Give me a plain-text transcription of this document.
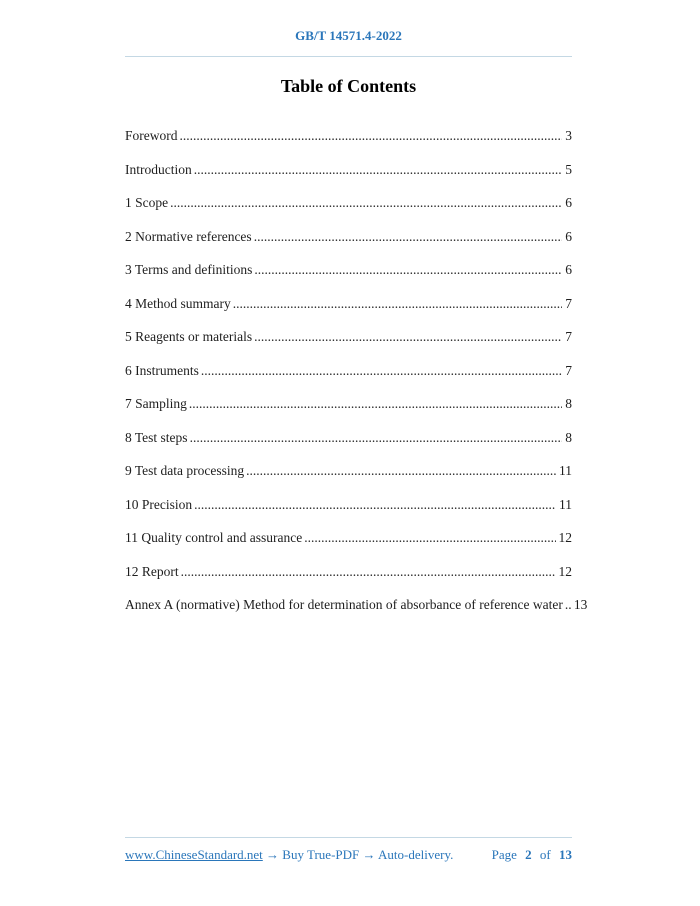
GB/T 14571.4-2022
Table of Contents
Foreword .....	3
Introduction .....	5
1 Scope .....	6
2 Normative references .....	6
3 Terms and definitions .....	6
4 Method summary .....	7
5 Reagents or materials .....	7
6 Instruments .....	7
7 Sampling .....	8
8 Test steps .....	8
9 Test data processing .....	11
10 Precision .....	11
11 Quality control and assurance .....	12
12 Report .....	12
Annex A (normative) Method for determination of absorbance of reference water ..... 13
www.ChineseStandard.net → Buy True-PDF → Auto-delivery.	Page 2 of 13
